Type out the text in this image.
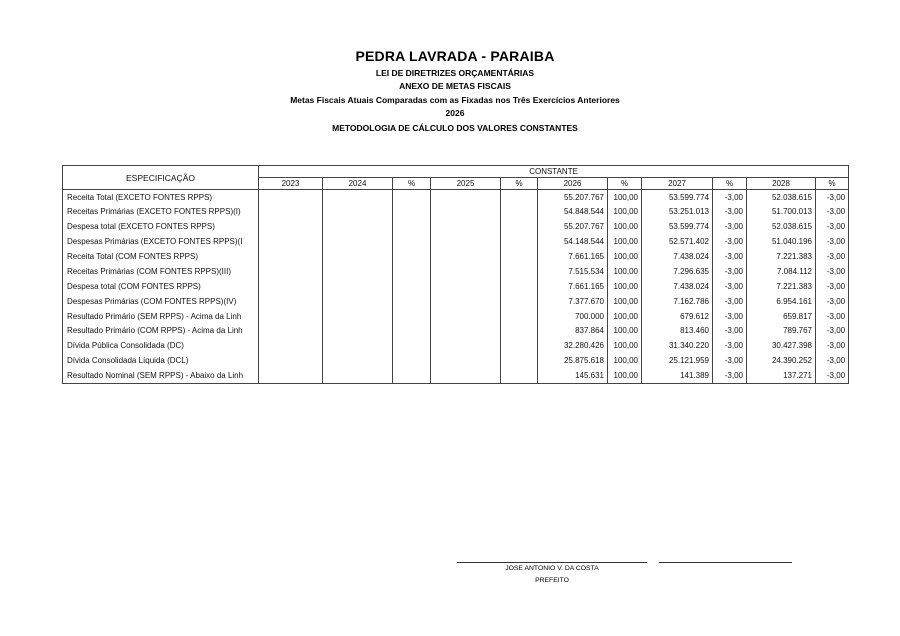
PEDRA LAVRADA - PARAIBA
LEI DE DIRETRIZES ORÇAMENTÁRIAS
ANEXO DE METAS FISCAIS
Metas Fiscais Atuais Comparadas com as Fixadas nos Três Exercícios Anteriores
2026
METODOLOGIA DE CÁLCULO DOS VALORES CONSTANTES
ESPECIFICAÇÃO	CONSTANTE										
	2023	2024	%	2025	%	2026	%	2027	%	2028	%
Receita Total (EXCETO FONTES RPPS)						55.207.767	100,00	53.599.774	-3,00	52.038.615	-3,00
Receitas Primárias (EXCETO FONTES RPPS)(I)						54.848.544	100,00	53.251.013	-3,00	51.700.013	-3,00
Despesa total (EXCETO FONTES RPPS)						55.207.767	100,00	53.599.774	-3,00	52.038.615	-3,00
Despesas Primárias (EXCETO FONTES RPPS)(I						54.148.544	100,00	52.571.402	-3,00	51.040.196	-3,00
Receita Total (COM FONTES RPPS)						7.661.165	100,00	7.438.024	-3,00	7.221.383	-3,00
Receitas Primárias (COM FONTES RPPS)(III)						7.515.534	100,00	7.296.635	-3,00	7.084.112	-3,00
Despesa total (COM FONTES RPPS)						7.661.165	100,00	7.438.024	-3,00	7.221.383	-3,00
Despesas Primárias (COM FONTES RPPS)(IV)						7.377.670	100,00	7.162.786	-3,00	6.954.161	-3,00
Resultado Primário (SEM RPPS) - Acima da Linh						700.000	100,00	679.612	-3,00	659.817	-3,00
Resultado Primário (COM RPPS) - Acima da Linh						837.864	100,00	813.460	-3,00	789.767	-3,00
Dívida Pública Consolidada (DC)						32.280.426	100,00	31.340.220	-3,00	30.427.398	-3,00
Dívida Consolidada Líquida (DCL)						25.875.618	100,00	25.121.959	-3,00	24.390.252	-3,00
Resultado Nominal (SEM RPPS) - Abaixo da Linh						145.631	100,00	141.389	-3,00	137.271	-3,00
JOSE ANTONIO V. DA COSTA
PREFEITO
